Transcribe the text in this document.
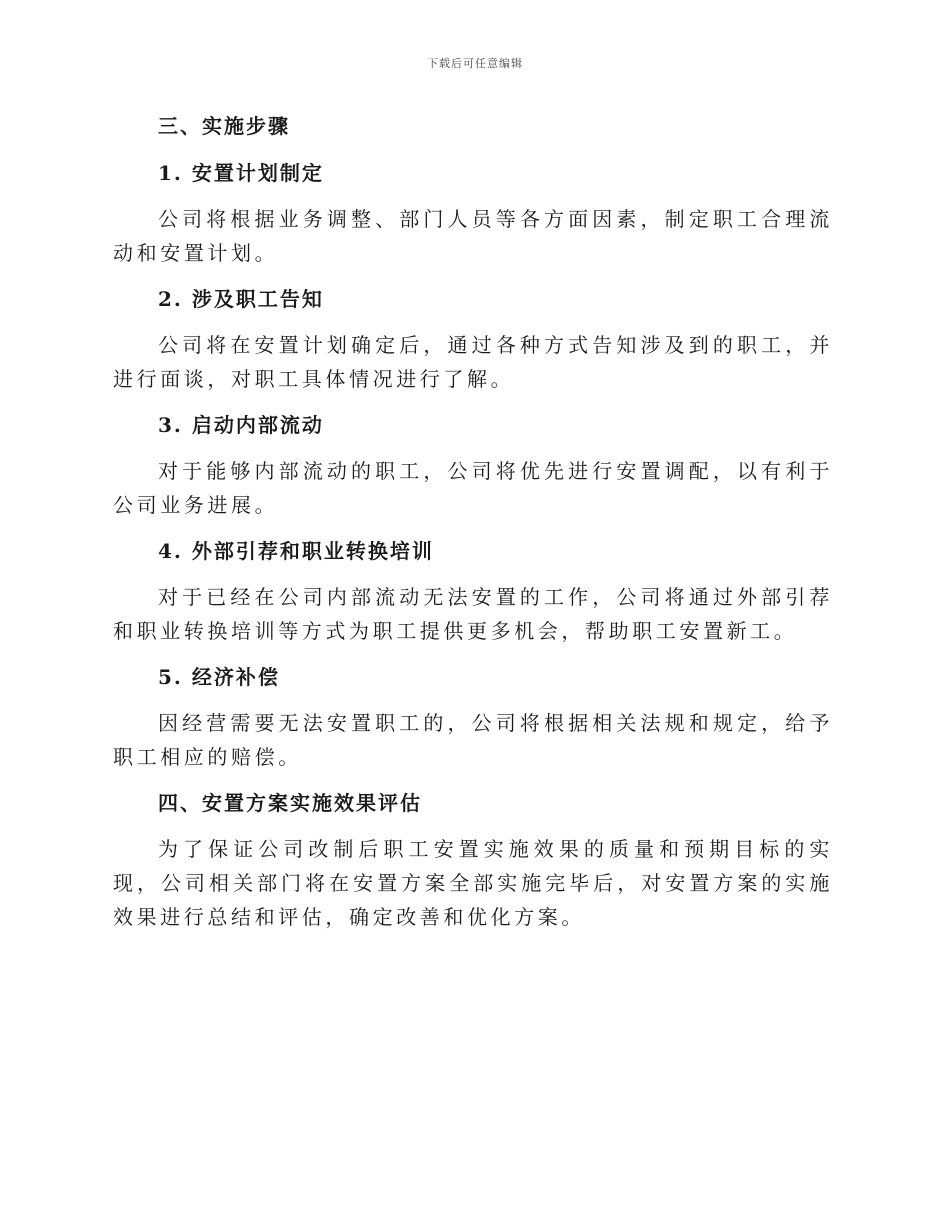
下载后可任意编辑

三、实施步骤

1. 安置计划制定

公司将根据业务调整、部门人员等各方面因素，制定职工合理流动和安置计划。

2. 涉及职工告知

公司将在安置计划确定后，通过各种方式告知涉及到的职工，并进行面谈，对职工具体情况进行了解。

3. 启动内部流动

对于能够内部流动的职工，公司将优先进行安置调配，以有利于公司业务进展。

4. 外部引荐和职业转换培训

对于已经在公司内部流动无法安置的工作，公司将通过外部引荐和职业转换培训等方式为职工提供更多机会，帮助职工安置新工。

5. 经济补偿

因经营需要无法安置职工的，公司将根据相关法规和规定，给予职工相应的赔偿。

四、安置方案实施效果评估

为了保证公司改制后职工安置实施效果的质量和预期目标的实现，公司相关部门将在安置方案全部实施完毕后，对安置方案的实施效果进行总结和评估，确定改善和优化方案。
